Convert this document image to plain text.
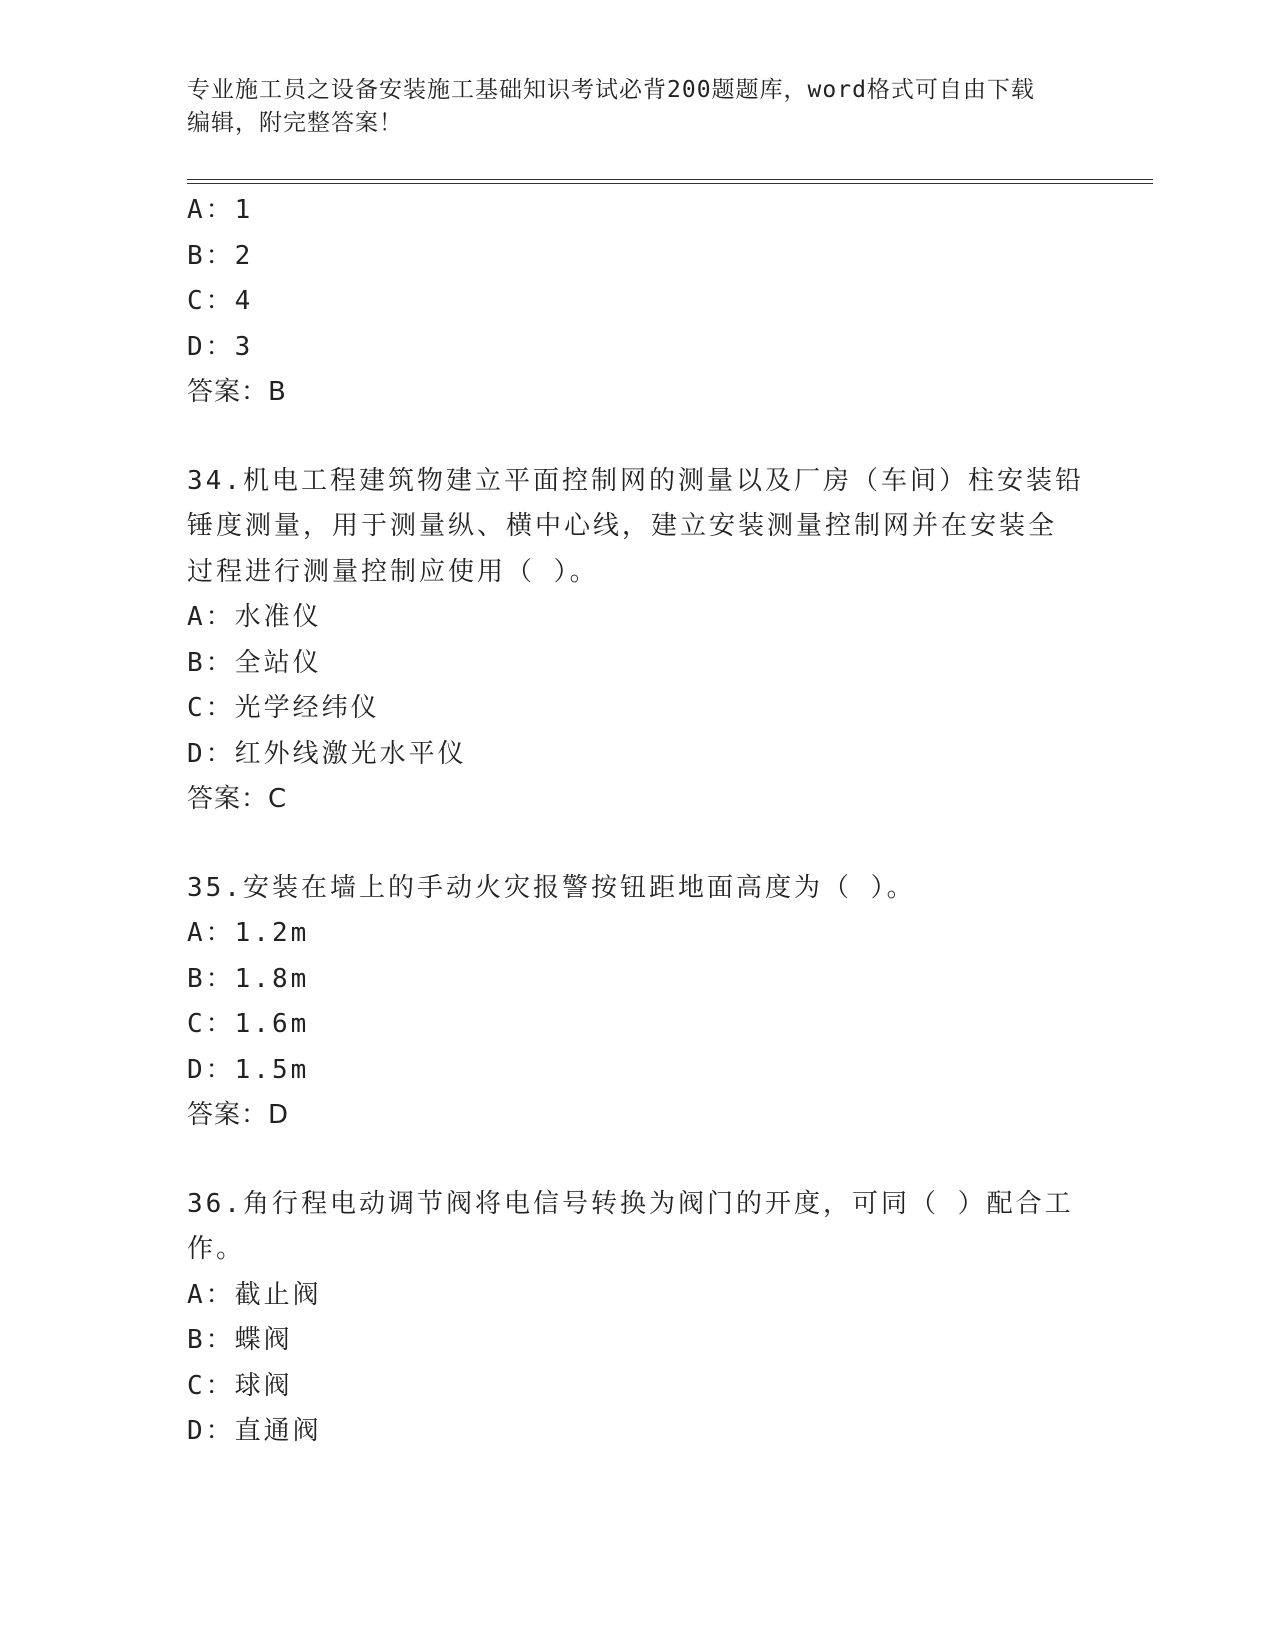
专业施工员之设备安装施工基础知识考试必背200题题库，word格式可自由下载
编辑，附完整答案！
A：1
B：2
C：4
D：3
答案：B
34.机电工程建筑物建立平面控制网的测量以及厂房（车间）柱安装铅
锤度测量，用于测量纵、横中心线，建立安装测量控制网并在安装全
过程进行测量控制应使用（ ）。
A：水准仪
B：全站仪
C：光学经纬仪
D：红外线激光水平仪
答案：C
35.安装在墙上的手动火灾报警按钮距地面高度为（ ）。
A：1.2m
B：1.8m
C：1.6m
D：1.5m
答案：D
36.角行程电动调节阀将电信号转换为阀门的开度，可同（ ）配合工
作。
A：截止阀
B：蝶阀
C：球阀
D：直通阀
